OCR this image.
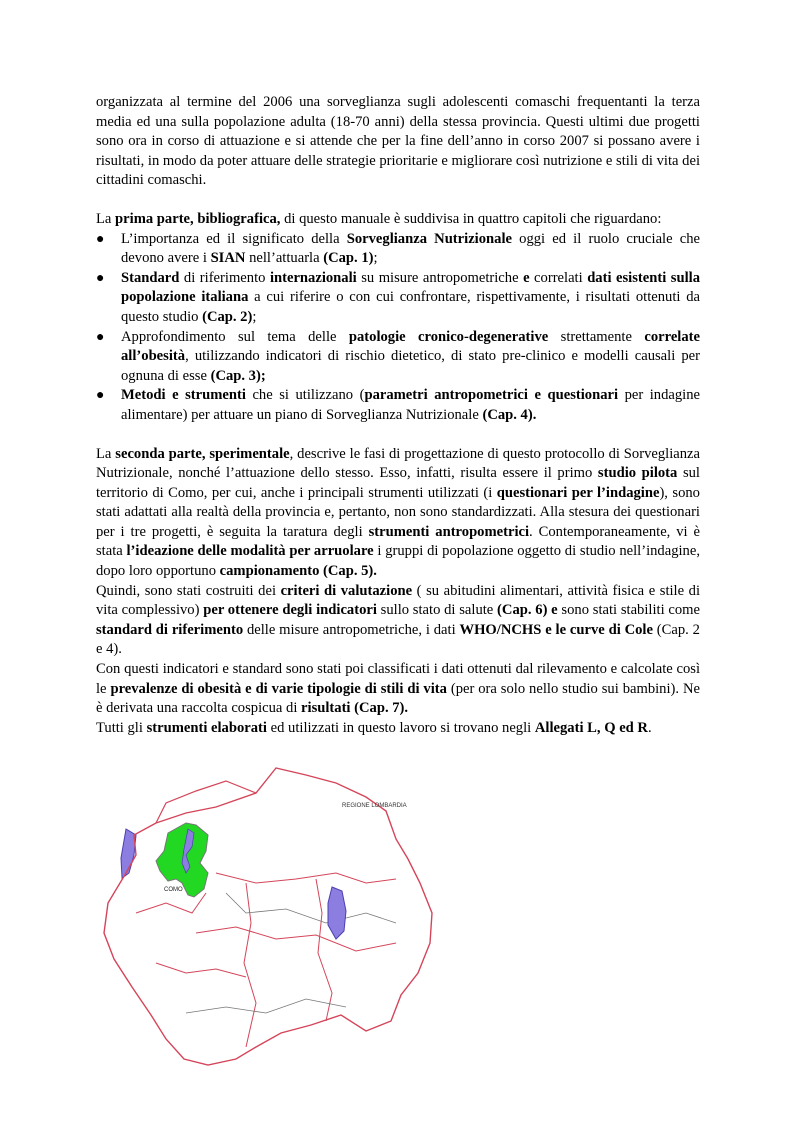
organizzata al termine del 2006 una sorveglianza sugli adolescenti comaschi frequentanti la terza media ed una sulla popolazione adulta (18-70 anni) della stessa provincia. Questi ultimi due progetti sono ora in corso di attuazione e si attende che per la fine dell’anno in corso 2007 si possano avere i risultati, in modo da poter attuare delle strategie prioritarie e migliorare così nutrizione e stili di vita dei cittadini comaschi.

La prima parte, bibliografica, di questo manuale è suddivisa in quattro capitoli che riguardano:

● L’importanza ed il significato della Sorveglianza Nutrizionale oggi ed il ruolo cruciale che devono avere i SIAN nell’attuarla (Cap. 1);
● Standard di riferimento internazionali su misure antropometriche e correlati dati esistenti sulla popolazione italiana a cui riferire o con cui confrontare, rispettivamente, i risultati ottenuti da questo studio (Cap. 2);
● Approfondimento sul tema delle patologie cronico-degenerative strettamente correlate all’obesità, utilizzando indicatori di rischio dietetico, di stato pre-clinico e modelli causali per ognuna di esse (Cap. 3);
● Metodi e strumenti che si utilizzano (parametri antropometrici e questionari per indagine alimentare) per attuare un piano di Sorveglianza Nutrizionale (Cap. 4).

La seconda parte, sperimentale, descrive le fasi di progettazione di questo protocollo di Sorveglianza Nutrizionale, nonché l’attuazione dello stesso. Esso, infatti, risulta essere il primo studio pilota sul territorio di Como, per cui, anche i principali strumenti utilizzati (i questionari per l’indagine), sono stati adattati alla realtà della provincia e, pertanto, non sono standardizzati. Alla stesura dei questionari per i tre progetti, è seguita la taratura degli strumenti antropometrici. Contemporaneamente, vi è stata l’ideazione delle modalità per arruolare i gruppi di popolazione oggetto di studio nell’indagine, dopo loro opportuno campionamento (Cap. 5).

Quindi, sono stati costruiti dei criteri di valutazione ( su abitudini alimentari, attività fisica e stile di vita complessivo) per ottenere degli indicatori sullo stato di salute (Cap. 6) e sono stati stabiliti come standard di riferimento delle misure antropometriche, i dati WHO/NCHS e le curve di Cole (Cap. 2 e 4).

Con questi indicatori e standard sono stati poi classificati i dati ottenuti dal rilevamento e calcolate così le prevalenze di obesità e di varie tipologie di stili di vita (per ora solo nello studio sui bambini). Ne è derivata una raccolta cospicua di risultati (Cap. 7).

Tutti gli strumenti elaborati ed utilizzati in questo lavoro si trovano negli Allegati L, Q ed R.

REGIONE LOMBARDIA
COMO
